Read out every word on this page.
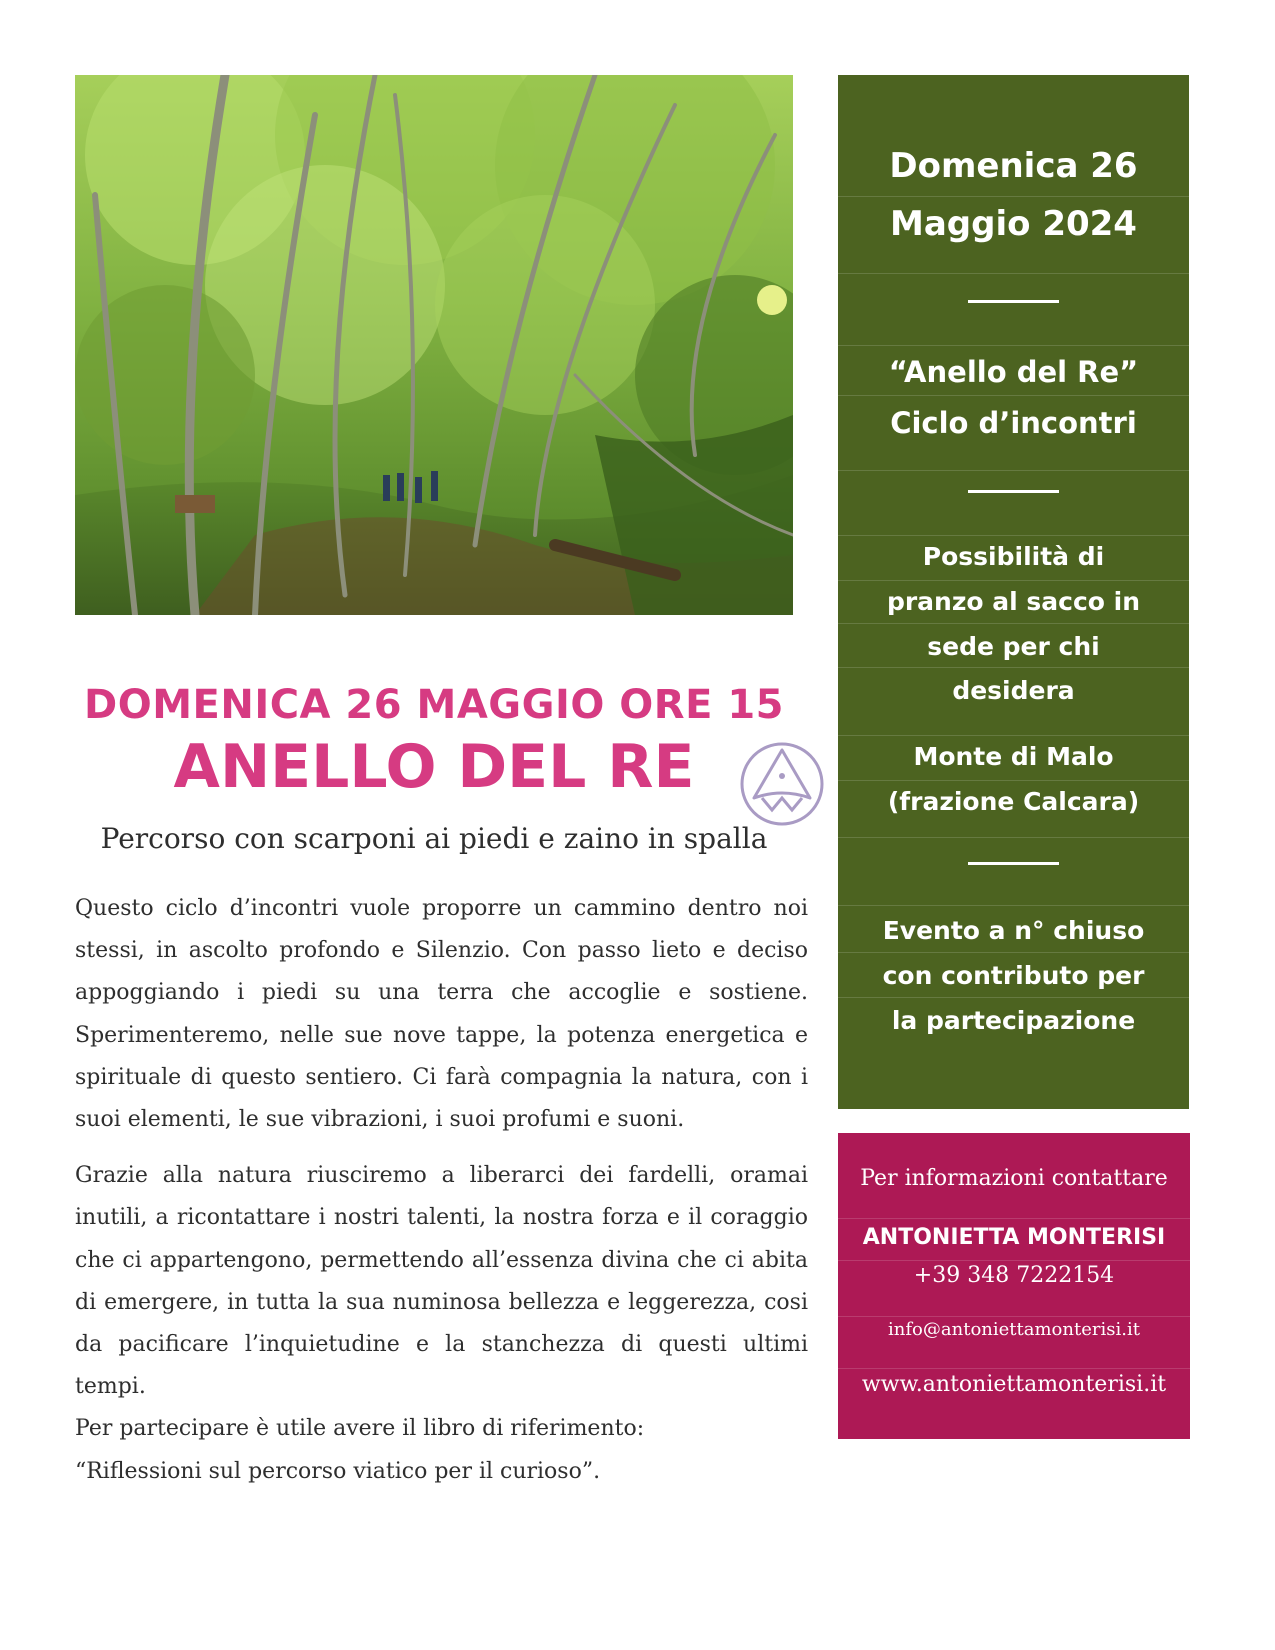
DOMENICA 26 MAGGIO ORE 15
ANELLO DEL RE
Percorso con scarponi ai piedi e zaino in spalla

Questo ciclo d’incontri vuole proporre un cammino dentro noi stessi, in ascolto profondo e Silenzio. Con passo lieto e deciso appoggiando i piedi su una terra che accoglie e sostiene. Sperimenteremo, nelle sue nove tappe, la potenza energetica e spirituale di questo sentiero. Ci farà compagnia la natura, con i suoi elementi, le sue vibrazioni, i suoi profumi e suoni.

Grazie alla natura riusciremo a liberarci dei fardelli, oramai inutili, a ricontattare i nostri talenti, la nostra forza e il coraggio che ci appartengono, permettendo all’essenza divina che ci abita di emergere, in tutta la sua numinosa bellezza e leggerezza, cosi da pacificare l’inquietudine e la stanchezza di questi ultimi tempi.

Per partecipare è utile avere il libro di riferimento:

“Riflessioni sul percorso viatico per il curioso”.

Domenica 26
Maggio 2024
“Anello del Re”
Ciclo d’incontri
Possibilità di
pranzo al sacco in
sede per chi
desidera
Monte di Malo
(frazione Calcara)
Evento a n° chiuso
con contributo per
la partecipazione
Per informazioni contattare
ANTONIETTA MONTERISI
+39 348 7222154
info@antoniettamonterisi.it
www.antoniettamonterisi.it
